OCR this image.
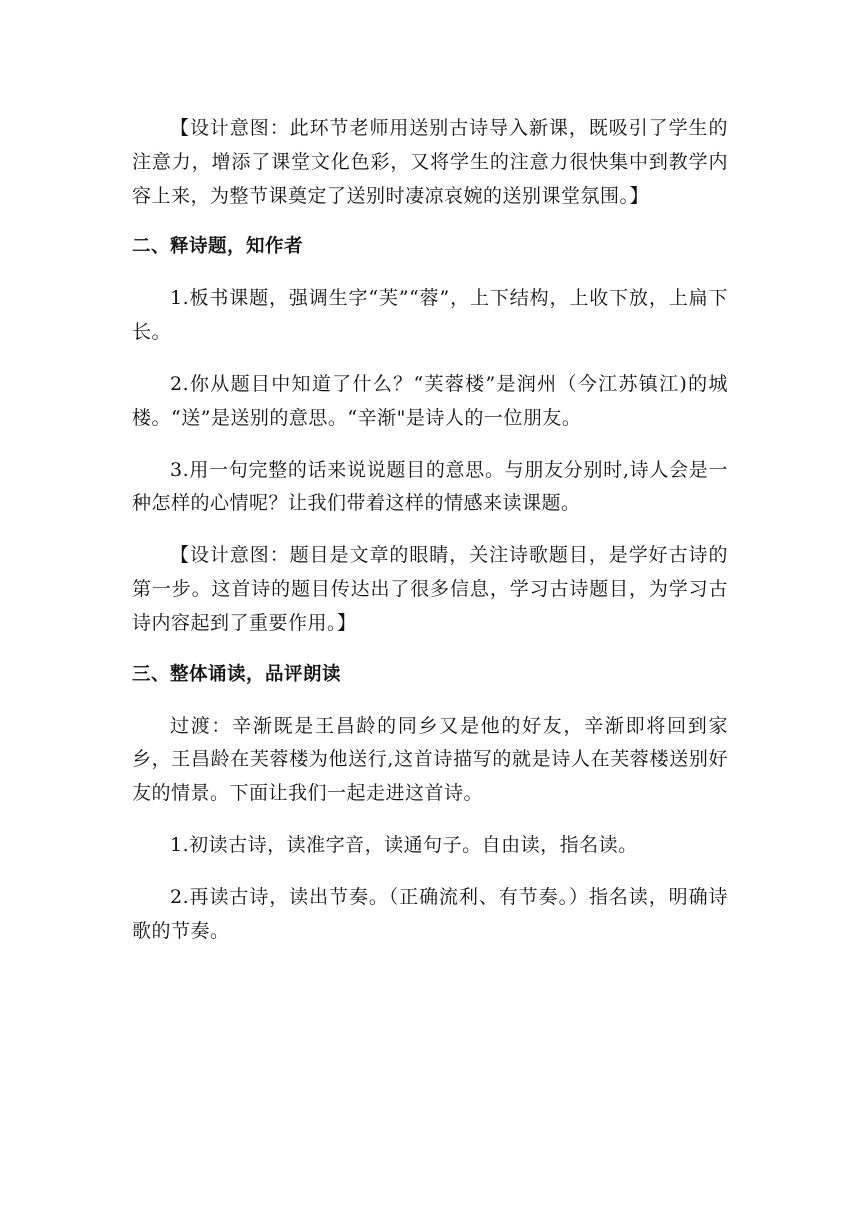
【设计意图：此环节老师用送别古诗导入新课，既吸引了学生的注意力，增添了课堂文化色彩，又将学生的注意力很快集中到教学内容上来，为整节课奠定了送别时凄凉哀婉的送别课堂氛围。】

二、释诗题，知作者

1.板书课题，强调生字“芙”“蓉”，上下结构，上收下放，上扁下长。

2.你从题目中知道了什么？“芙蓉楼”是润州（今江苏镇江)的城楼。“送”是送别的意思。“辛渐"是诗人的一位朋友。

3.用一句完整的话来说说题目的意思。与朋友分别时,诗人会是一种怎样的心情呢？让我们带着这样的情感来读课题。

【设计意图：题目是文章的眼睛，关注诗歌题目，是学好古诗的第一步。这首诗的题目传达出了很多信息，学习古诗题目，为学习古诗内容起到了重要作用。】

三、整体诵读，品评朗读

过渡：辛渐既是王昌龄的同乡又是他的好友，辛渐即将回到家乡，王昌龄在芙蓉楼为他送行,这首诗描写的就是诗人在芙蓉楼送别好友的情景。下面让我们一起走进这首诗。

1.初读古诗，读准字音，读通句子。自由读，指名读。

2.再读古诗，读出节奏。（正确流利、有节奏。）指名读，明确诗歌的节奏。
